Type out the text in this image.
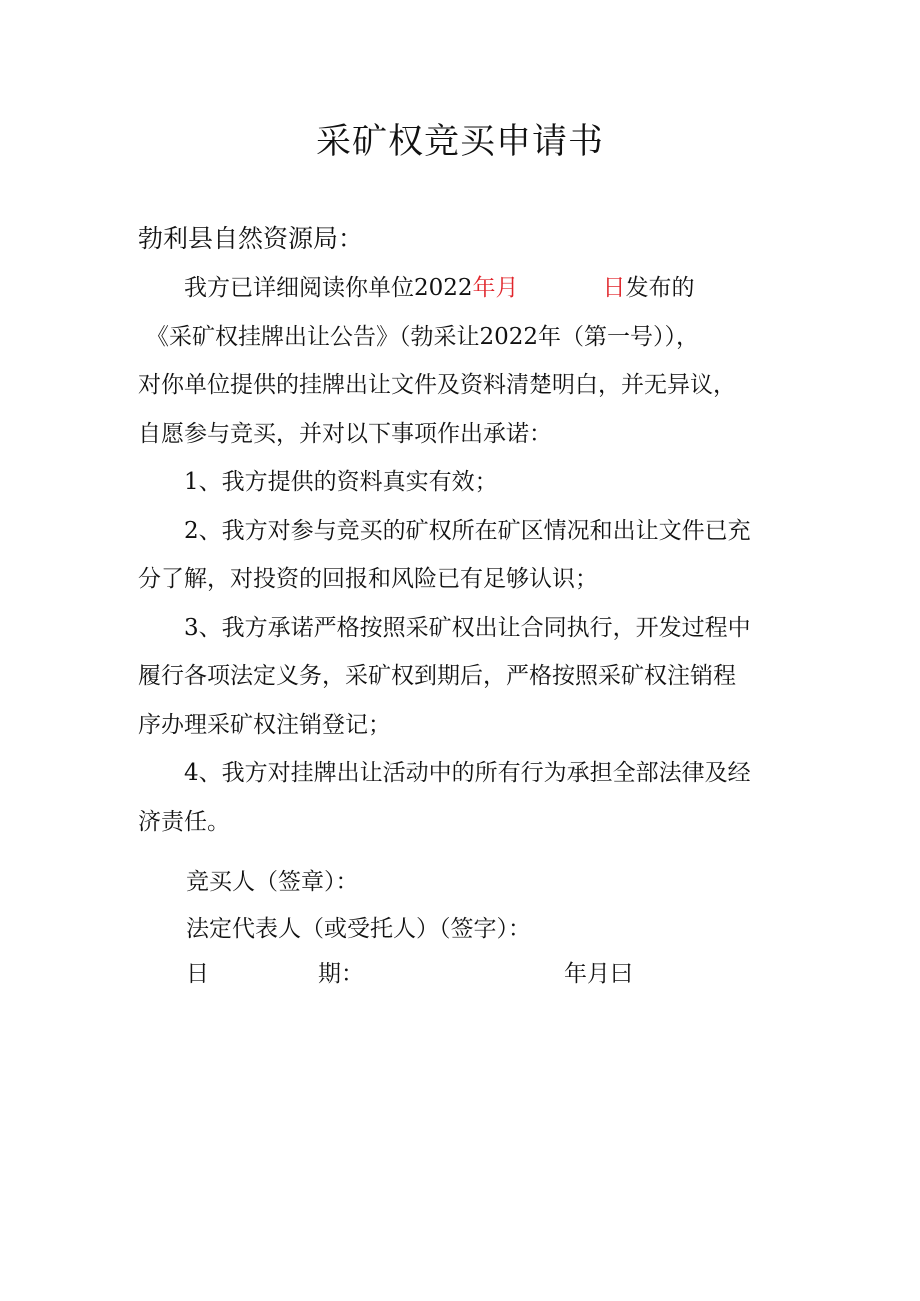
采矿权竞买申请书
勃利县自然资源局：
我方已详细阅读你单位2022年月	日发布的
《采矿权挂牌出让公告》（勃采让2022年（第一号）），
对你单位提供的挂牌出让文件及资料清楚明白，并无异议，
自愿参与竞买，并对以下事项作出承诺：
1、我方提供的资料真实有效；
2、我方对参与竞买的矿权所在矿区情况和出让文件已充
分了解，对投资的回报和风险已有足够认识；
3、我方承诺严格按照采矿权出让合同执行，开发过程中
履行各项法定义务，采矿权到期后，严格按照采矿权注销程
序办理采矿权注销登记；
4、我方对挂牌出让活动中的所有行为承担全部法律及经
济责任。
竞买人（签章）：
法定代表人（或受托人）（签字）：
日	期：	年月曰
